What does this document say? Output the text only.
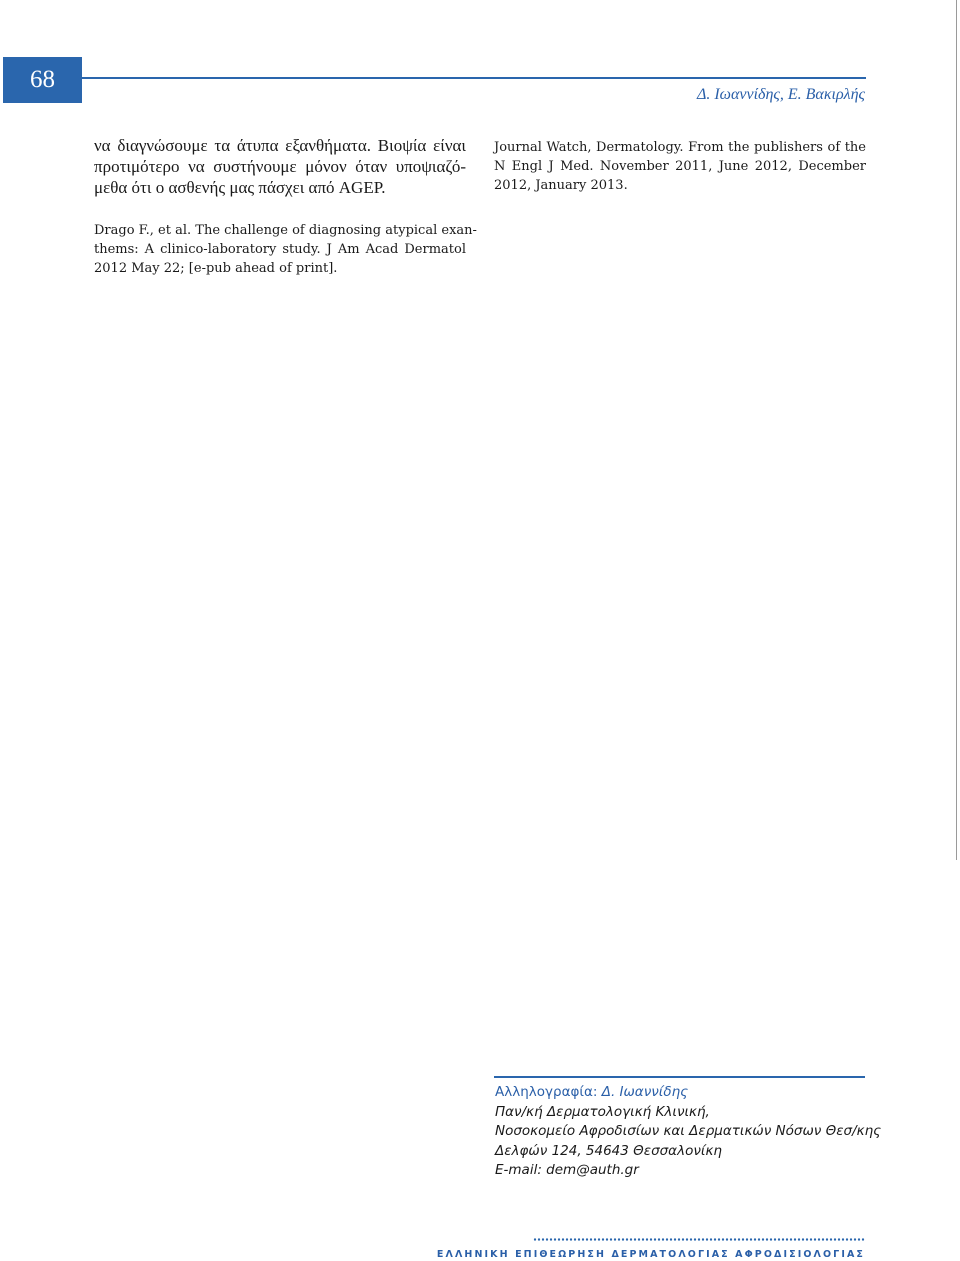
68
Δ. Ιωαννίδης, Ε. Βακιρλής
να διαγνώσουμε τα άτυπα εξανθήματα. Βιοψία είναι
προτιμότερο να συστήνουμε μόνον όταν υποψιαζό-
μεθα ότι ο ασθενής μας πάσχει από AGEP.
Drago F., et al. The challenge of diagnosing atypical exan-
thems: A clinico-laboratory study. J Am Acad Dermatol
2012 May 22; [e-pub ahead of print].
Journal Watch, Dermatology. From the publishers of the
N Engl J Med. November 2011, June 2012, December
2012, January 2013.
Αλληλογραφία: Δ. Ιωαννίδης
Παν/κή Δερματολογική Κλινική,
Νοσοκομείο Αφροδισίων και Δερματικών Νόσων Θεσ/κης
Δελφών 124, 54643 Θεσσαλονίκη
E-mail: dem@auth.gr
ΕΛΛΗΝΙΚΗ ΕΠΙΘΕΩΡΗΣΗ ΔΕΡΜΑΤΟΛΟΓΙΑΣ ΑΦΡΟΔΙΣΙΟΛΟΓΙΑΣ
